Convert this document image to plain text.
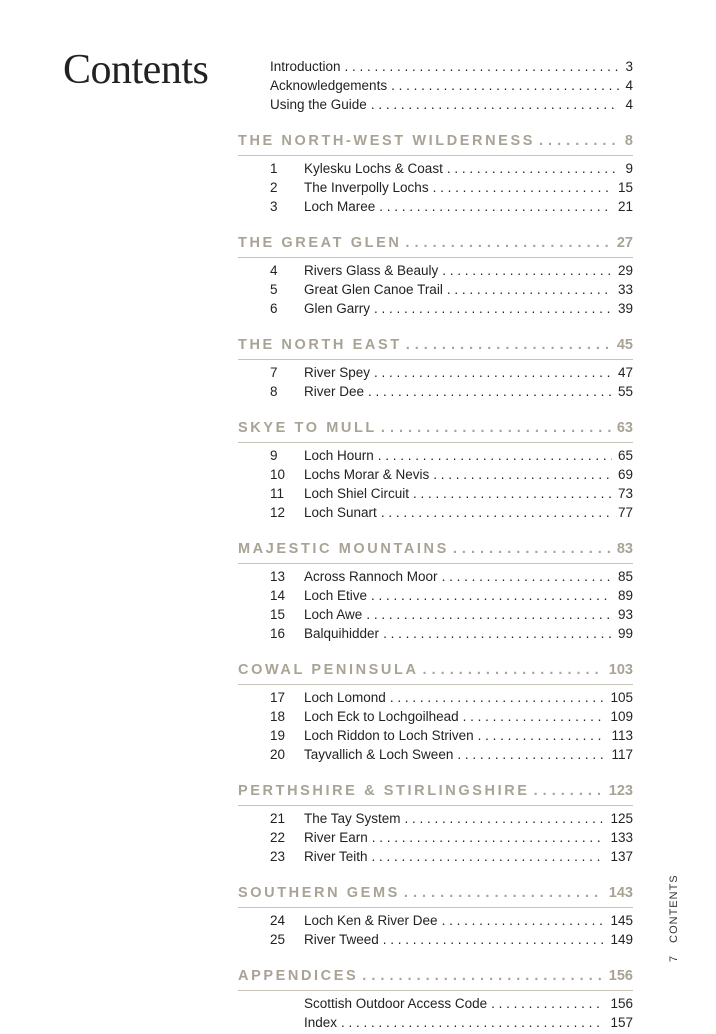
Contents	Introduction . . .	3
Acknowledgements . . .	4
Using the Guide . . .	4
THE NORTH-WEST WILDERNESS . . .	8
1	Kylesku Lochs & Coast . . .	9
2	The Inverpolly Lochs . . .	15
3	Loch Maree . . .	21
THE GREAT GLEN . . .	27
4	Rivers Glass & Beauly . . .	29
5	Great Glen Canoe Trail . . .	33
6	Glen Garry . . .	39
THE NORTH EAST . . .	45
7	River Spey . . .	47
8	River Dee . . .	55
SKYE TO MULL . . .	63
9	Loch Hourn . . .	65
10	Lochs Morar & Nevis . . .	69
11	Loch Shiel Circuit . . .	73
12	Loch Sunart . . .	77
MAJESTIC MOUNTAINS . . .	83
13	Across Rannoch Moor . . .	85
14	Loch Etive . . .	89
15	Loch Awe . . .	93
16	Balquihidder . . .	99
COWAL PENINSULA . . .	103
17	Loch Lomond . . .	105
18	Loch Eck to Lochgoilhead . . .	109
19	Loch Riddon to Loch Striven . . .	113
20	Tayvallich & Loch Sween . . .	117
PERTHSHIRE & STIRLINGSHIRE . . .	123
21	The Tay System . . .	125
22	River Earn . . .	133
23	River Teith . . .	137
SOUTHERN GEMS . . .	143
24	Loch Ken & River Dee . . .	145
25	River Tweed . . .	149
APPENDICES . . .	156
Scottish Outdoor Access Code . . .	156
Index . . .	157
7CONTENTS
